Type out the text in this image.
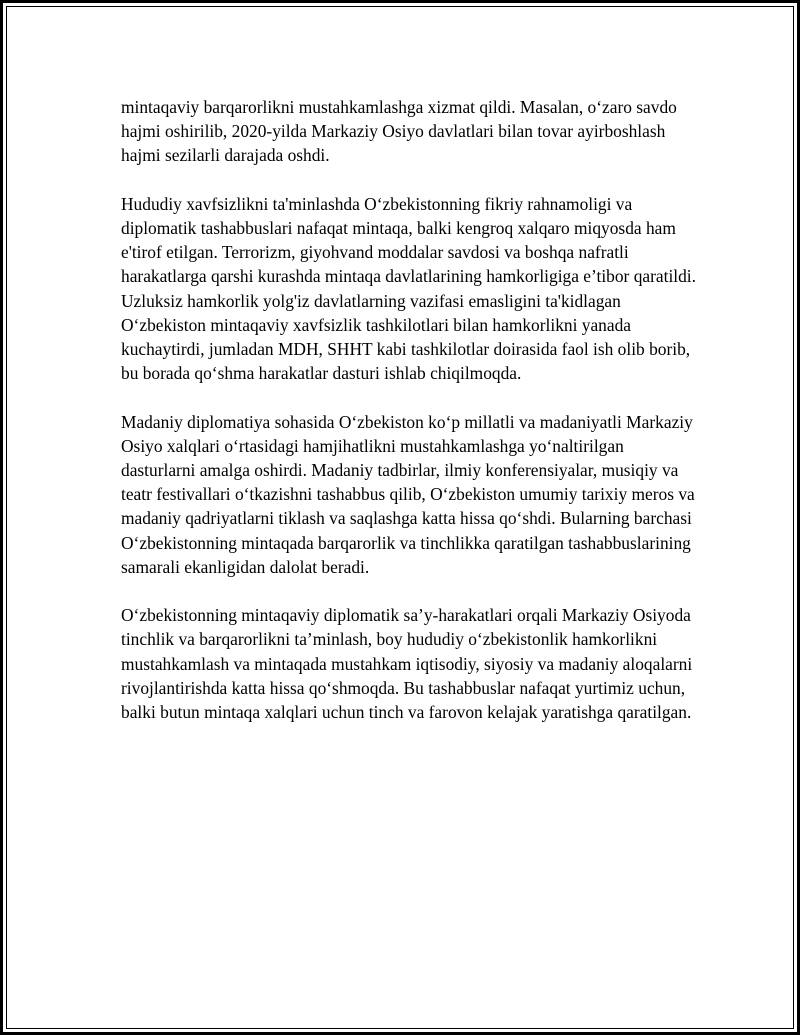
mintaqaviy barqarorlikni mustahkamlashga xizmat qildi. Masalan, o‘zaro savdo hajmi oshirilib, 2020-yilda Markaziy Osiyo davlatlari bilan tovar ayirboshlash hajmi sezilarli darajada oshdi.

Hududiy xavfsizlikni ta'minlashda O‘zbekistonning fikriy rahnamoligi va diplomatik tashabbuslari nafaqat mintaqa, balki kengroq xalqaro miqyosda ham e'tirof etilgan. Terrorizm, giyohvand moddalar savdosi va boshqa nafratli harakatlarga qarshi kurashda mintaqa davlatlarining hamkorligiga e’tibor qaratildi. Uzluksiz hamkorlik yolg'iz davlatlarning vazifasi emasligini ta'kidlagan O‘zbekiston mintaqaviy xavfsizlik tashkilotlari bilan hamkorlikni yanada kuchaytirdi, jumladan MDH, SHHT kabi tashkilotlar doirasida faol ish olib borib, bu borada qo‘shma harakatlar dasturi ishlab chiqilmoqda.

Madaniy diplomatiya sohasida O‘zbekiston ko‘p millatli va madaniyatli Markaziy Osiyo xalqlari o‘rtasidagi hamjihatlikni mustahkamlashga yo‘naltirilgan dasturlarni amalga oshirdi. Madaniy tadbirlar, ilmiy konferensiyalar, musiqiy va teatr festivallari o‘tkazishni tashabbus qilib, O‘zbekiston umumiy tarixiy meros va madaniy qadriyatlarni tiklash va saqlashga katta hissa qo‘shdi. Bularning barchasi O‘zbekistonning mintaqada barqarorlik va tinchlikka qaratilgan tashabbuslarining samarali ekanligidan dalolat beradi.

O‘zbekistonning mintaqaviy diplomatik sa’y-harakatlari orqali Markaziy Osiyoda tinchlik va barqarorlikni ta’minlash, boy hududiy o‘zbekistonlik hamkorlikni mustahkamlash va mintaqada mustahkam iqtisodiy, siyosiy va madaniy aloqalarni rivojlantirishda katta hissa qo‘shmoqda. Bu tashabbuslar nafaqat yurtimiz uchun, balki butun mintaqa xalqlari uchun tinch va farovon kelajak yaratishga qaratilgan.
